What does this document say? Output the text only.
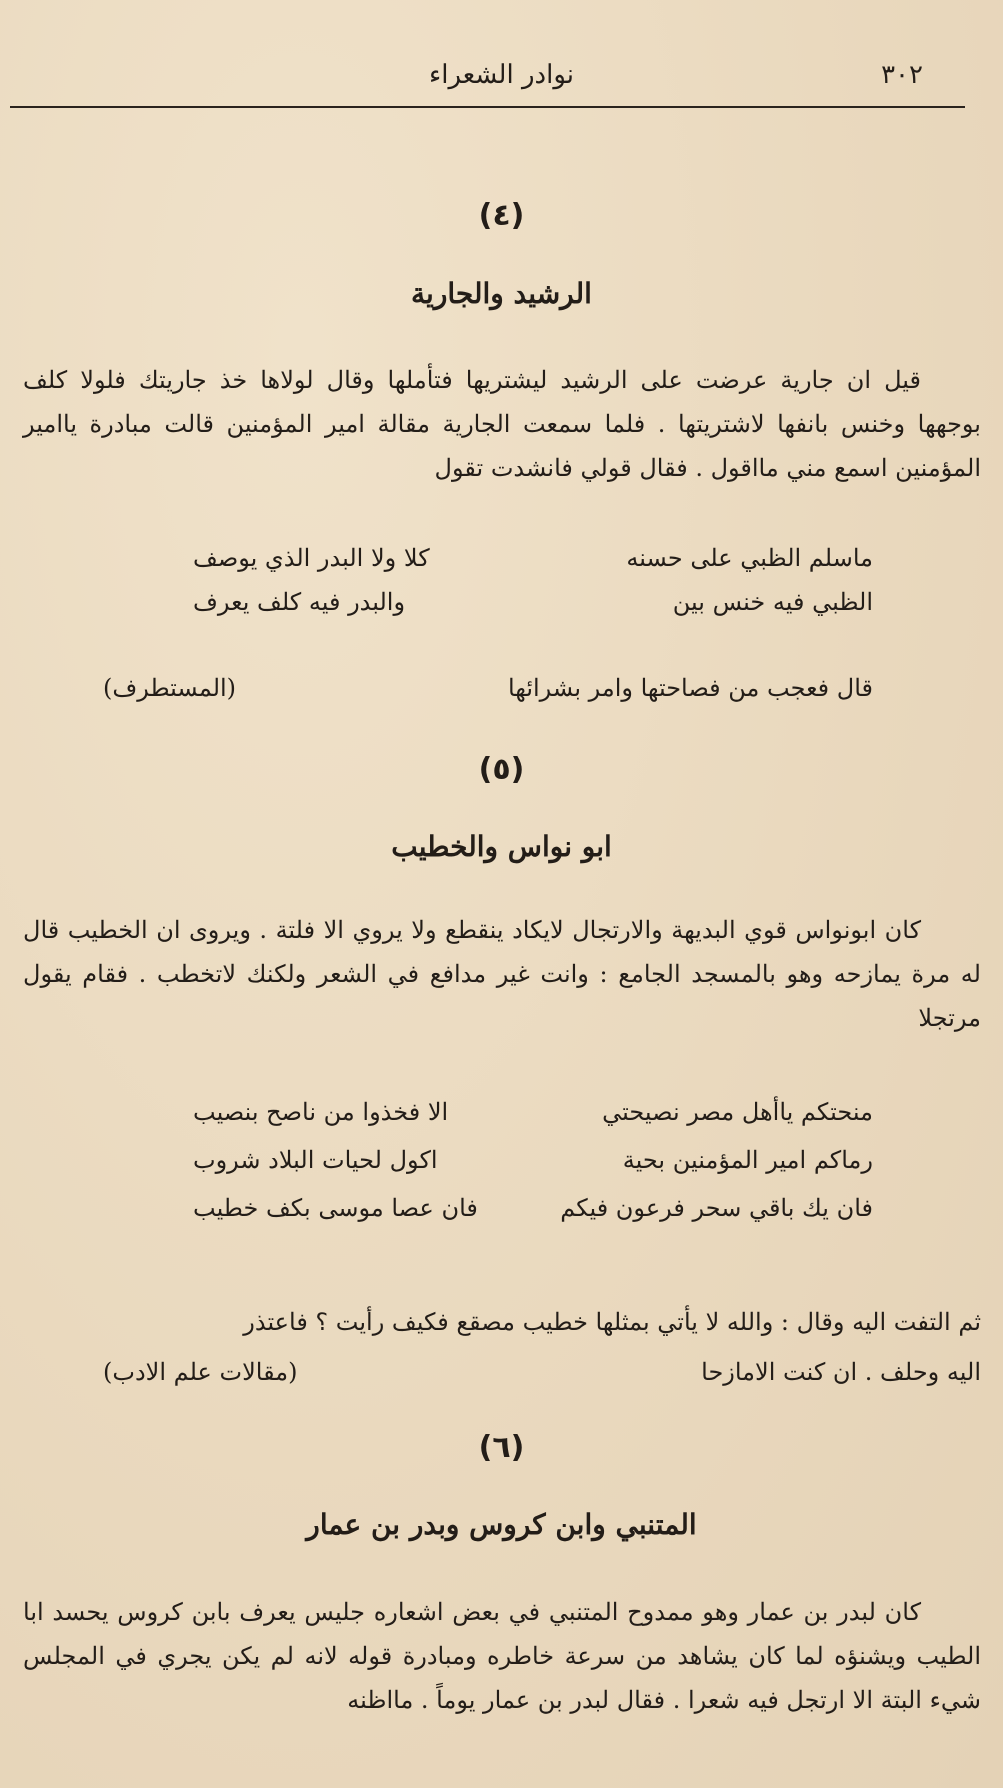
٣٠٢
نوادر الشعراء
(٤)
الرشيد والجارية

قيل ان جارية عرضت على الرشيد ليشتريها فتأملها وقال لولاها خذ جاريتك فلولا كلف بوجهها وخنس بانفها لاشتريتها . فلما سمعت الجارية مقالة امير المؤمنين قالت مبادرة ياامير المؤمنين اسمع مني مااقول . فقال قولي فانشدت تقول

ماسلم الظبي على حسنه
كلا ولا البدر الذي يوصف
الظبي فيه خنس بين
والبدر فيه كلف يعرف
قال فعجب من فصاحتها وامر بشرائها
(المستطرف)
(٥)
ابو نواس والخطيب

كان ابونواس قوي البديهة والارتجال لايكاد ينقطع ولا يروي الا فلتة . ويروى ان الخطيب قال له مرة يمازحه وهو بالمسجد الجامع : وانت غير مدافع في الشعر ولكنك لاتخطب . فقام يقول مرتجلا

منحتكم ياأهل مصر نصيحتي
الا فخذوا من ناصح بنصيب
رماكم امير المؤمنين بحية
اكول لحيات البلاد شروب
فان يك باقي سحر فرعون فيكم
فان عصا موسى بكف خطيب

ثم التفت اليه وقال : والله لا يأتي بمثلها خطيب مصقع فكيف رأيت ؟ فاعتذر

اليه وحلف . ان كنت الامازحا
(مقالات علم الادب)
(٦)
المتنبي وابن كروس وبدر بن عمار

كان لبدر بن عمار وهو ممدوح المتنبي في بعض اشعاره جليس يعرف بابن كروس يحسد ابا الطيب ويشنؤه لما كان يشاهد من سرعة خاطره ومبادرة قوله لانه لم يكن يجري في المجلس شيء البتة الا ارتجل فيه شعرا . فقال لبدر بن عمار يوماً . مااظنه
